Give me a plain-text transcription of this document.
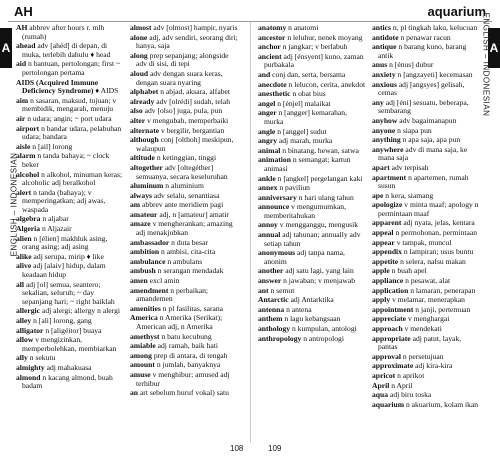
AH	aquarium
A	A
ENGLISH – INDONESIAN
ENGLISH – INDONESIAN
AH abbrev after hours r. mlh (rumah)
ahead adv [ahéd] di depan, di muka, terlebih dahulu ♦ head
aid n bantuan, pertolongan; first ~ pertolongan pertama
AIDS (Acquired Immune Deficiency Syndrome) ♦ AIDS
aim n sasaran, maksud, tujuan; v membidik, mengarah, menuju
air n udara; angin; ~ port udara
airport n bandar udara, pelabuhan udara; bandara
aisle n [ail] lorong
alarm n tanda bahaya; ~ clock beker
alcohol n alkohol, minuman keras; alcoholic adj beralkohol
alert n tanda (bahaya); v memperingatkan; adj awas, waspada
algebra n aljabar
Algeria n Aljazair
alien n [élien] makhluk asing, orang asing; adj asing
alike adj serupa, mirip ♦ like
alive adj [alaiv] hidup, dalam keadaan hidup
all adj [ol] semua, seantero; sekalian, seluruh; ~ day sepanjang hari; ~ right baiklah
allergic adj alergi; allergy n alergi
alley n [ali] lorong, gang
alligator n [aligéitor] buaya
allow v mengizinkan, memperbolehkan, membiarkan
ally n sekutu
almighty adj mahakuasa
almond n kacang almond, buah badam
almost adv [olmost] hampir, nyaris
alone adj, adv sendiri, seorang diri; hanya, saja
along prep sepanjang; alongside adv di sisi, di tepi
aloud adv dengan suara keras, dengan suara nyaring
alphabet n abjad, aksara, alfabet
already adv [olrédi] sudah, telah
also adv [olso] juga, pula, pun
alter v mengubah, memperbaiki
alternate v bergilir, bergantian
although conj [olthoh] meskipun, walaupun
altitude n ketinggian, tinggi
altogether adv [oltegéther] semuanya, secara keseluruhan
aluminum n aluminium
always adv selalu, senantiasa
am abbrev ante meridiem pagi
amateur adj, n [amateur] amatir
amaze v mengherankan; amazing adj menakjubkan
ambassador n duta besar
ambition n ambisi, cita-cita
ambulance n ambulans
ambush n serangan mendadak
amen excl amin
amendment n perbaikan; amandemen
amenities n pl fasilitas, sarana
America n Amerika (Serikat); American adj, n Amerika
amethyst n batu kecubung
amiable adj ramah, baik hati
among prep di antara, di tengah
amount n jumlah, banyaknya
amuse v menghibur; amused adj terhibur
an art sebelum huruf vokal) satu
anatomy n anatomi
ancestor n leluhur, nenek moyang
anchor n jangkar; v berlabuh
ancient adj [énsyent] kuno, zaman purbakala
and conj dan, serta, bersama
anecdote n lelucon, cerita, anekdot
anesthetic n obat bius
angel n [énjel] malaikat
anger n [angger] kemarahan, murka
angle n [anggel] sudut
angry adj marah, murka
animal n binatang, hewan, satwa
animation n semangat; kartun animasi
ankle n [angkel] pergelangan kaki
annex n paviliun
anniversary n hari ulang tahun
announce v mengumumkan, memberitahukan
annoy v mengganggu, mengusik
annual adj tahunan; annually adv setiap tahun
anonymous adj tanpa nama, anonim
another adj satu lagi, yang lain
answer n jawaban; v menjawab
ant n semut
Antarctic adj Antarktika
antenna n antena
anthem n lagu kebangsaan
anthology n kumpulan, antologi
anthropology n antropologi
antics n, pl tingkah laku, kelucuan
antidote n penawar racun
antique n barang kuno, barang antik
anus n [énus] dubur
anxiety n [angzayeti] kecemasan
anxious adj [angsyes] gelisah, cemas
any adj [éni] sesuatu, beberapa, sembarang
anyhow adv bagaimanapun
anyone n siapa pun
anything n apa saja, apa pun
anywhere adv di mana saja, ke mana saja
apart adv terpisah
apartment n apartemen, rumah susun
ape n kera, siamang
apologize v minta maaf; apology n permintaan maaf
apparent adj nyata, jelas, kentara
appeal n permohonan, permintaan
appear v tampak, muncul
appendix n lampiran; usus buntu
appetite n selera, nafsu makan
apple n buah apel
appliance n pesawat, alat
application n lamaran, penerapan
apply v melamar, menerapkan
appointment n janji, pertemuan
appreciate v menghargai
approach v mendekati
appropriate adj patut, layak, pantas
approval n persetujuan
approximate adj kira-kira
apricot n aprikot
April n April
aqua adj biru toska
aquarium n akuarium, kolam ikan
108	109
